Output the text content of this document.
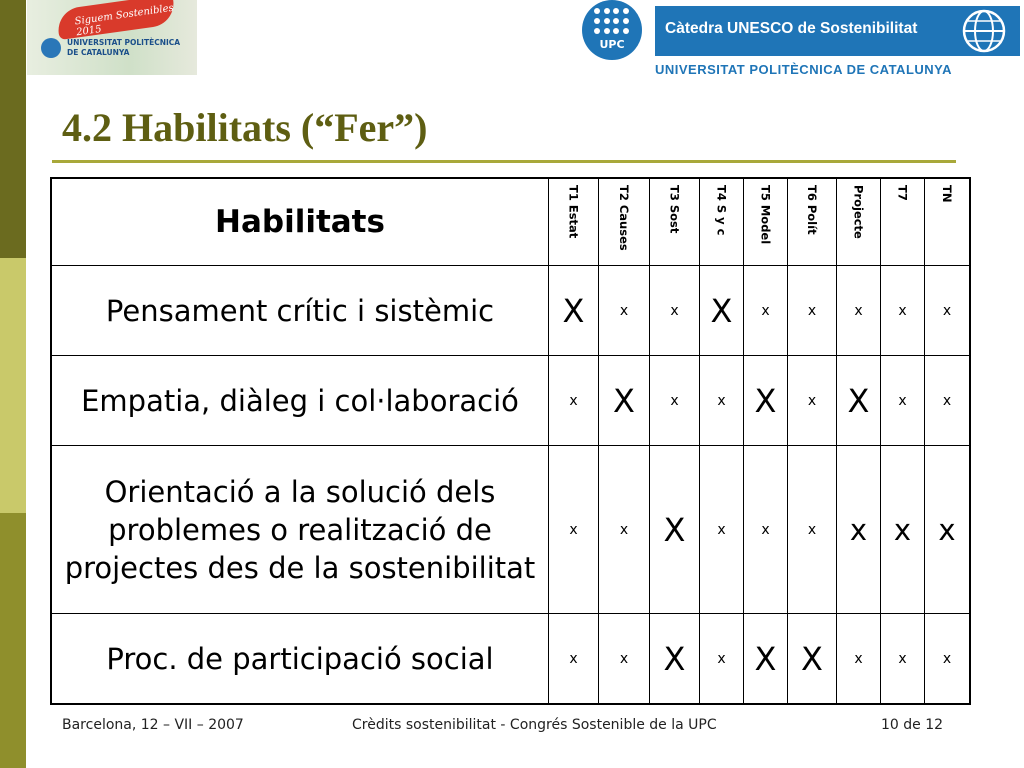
Siguem Sostenibles 2015
UNIVERSITAT POLITÈCNICA
DE CATALUNYA
UPC
Càtedra UNESCO de Sostenibilitat
UNIVERSITAT POLITÈCNICA DE CATALUNYA
4.2 Habilitats (“Fer”)
Habilitats	T1 Estat	T2 Causes	T3 Sost	T4 S y c	T5 Model	T6 Polít	Projecte	T7	TN

Pensament crític i sistèmic	X	x	x	X	x	x	x	x	x
Empatia, diàleg i col·laboració	x	X	x	x	X	x	X	x	x
Orientació a la solució dels problemes o realització de projectes des de la sostenibilitat	x	x	X	x	x	x	x	x	x
Proc. de participació social	x	x	X	x	X	X	x	x	x
Barcelona, 12 – VII – 2007	Crèdits sostenibilitat - Congrés Sostenible de la UPC	10 de 12
